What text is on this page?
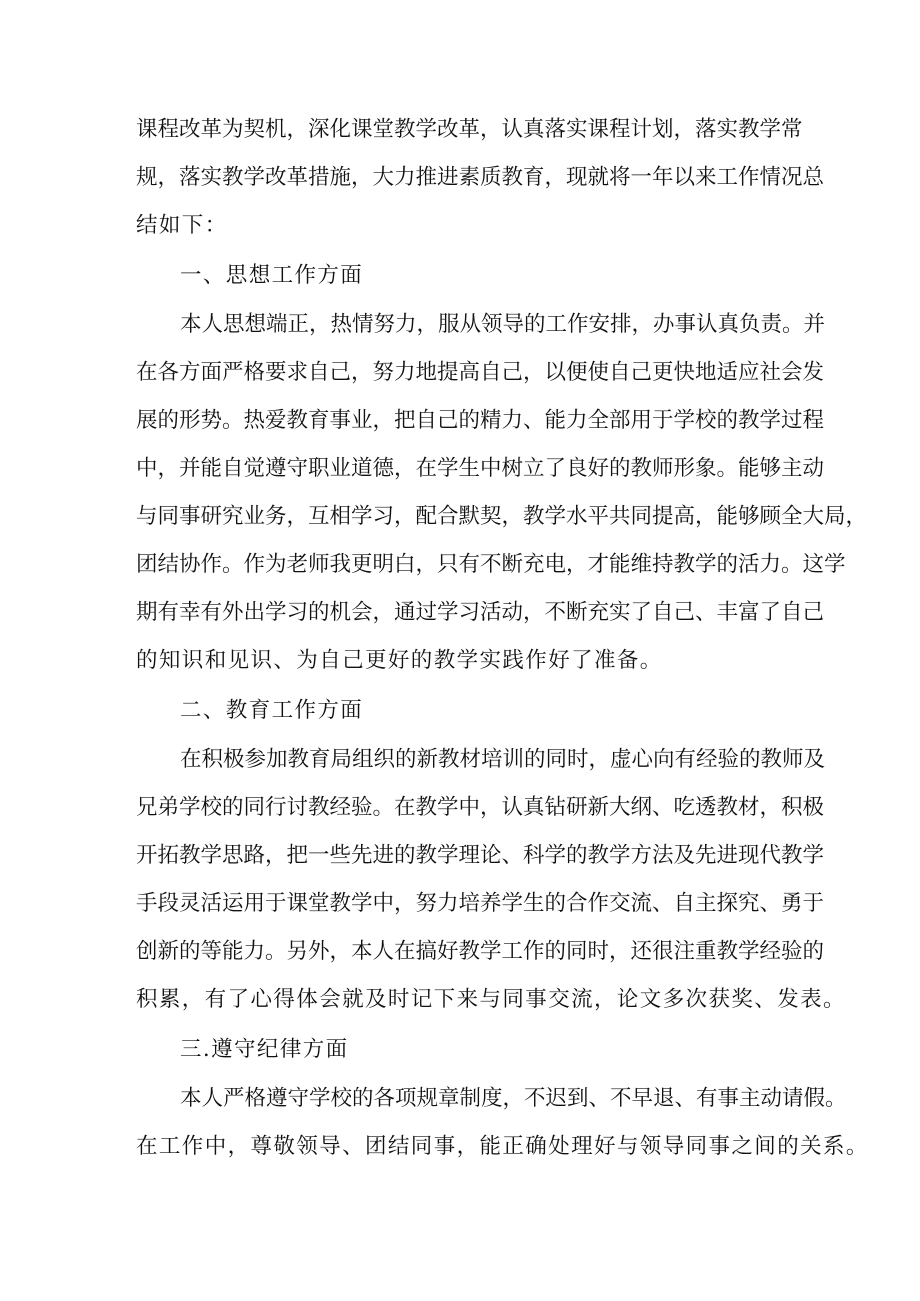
课程改革为契机，深化课堂教学改革，认真落实课程计划，落实教学常
规，落实教学改革措施，大力推进素质教育，现就将一年以来工作情况总
结如下：
一、思想工作方面
本人思想端正，热情努力，服从领导的工作安排，办事认真负责。并
在各方面严格要求自己，努力地提高自己，以便使自己更快地适应社会发
展的形势。热爱教育事业，把自己的精力、能力全部用于学校的教学过程
中，并能自觉遵守职业道德，在学生中树立了良好的教师形象。能够主动
与同事研究业务，互相学习，配合默契，教学水平共同提高，能够顾全大局，
团结协作。作为老师我更明白，只有不断充电，才能维持教学的活力。这学
期有幸有外出学习的机会，通过学习活动，不断充实了自己、丰富了自己
的知识和见识、为自己更好的教学实践作好了准备。
二、教育工作方面
在积极参加教育局组织的新教材培训的同时，虚心向有经验的教师及
兄弟学校的同行讨教经验。在教学中，认真钻研新大纲、吃透教材，积极
开拓教学思路，把一些先进的教学理论、科学的教学方法及先进现代教学
手段灵活运用于课堂教学中，努力培养学生的合作交流、自主探究、勇于
创新的等能力。另外，本人在搞好教学工作的同时，还很注重教学经验的
积累，有了心得体会就及时记下来与同事交流，论文多次获奖、发表。
三.遵守纪律方面
本人严格遵守学校的各项规章制度，不迟到、不早退、有事主动请假。
在工作中，尊敬领导、团结同事，能正确处理好与领导同事之间的关系。
